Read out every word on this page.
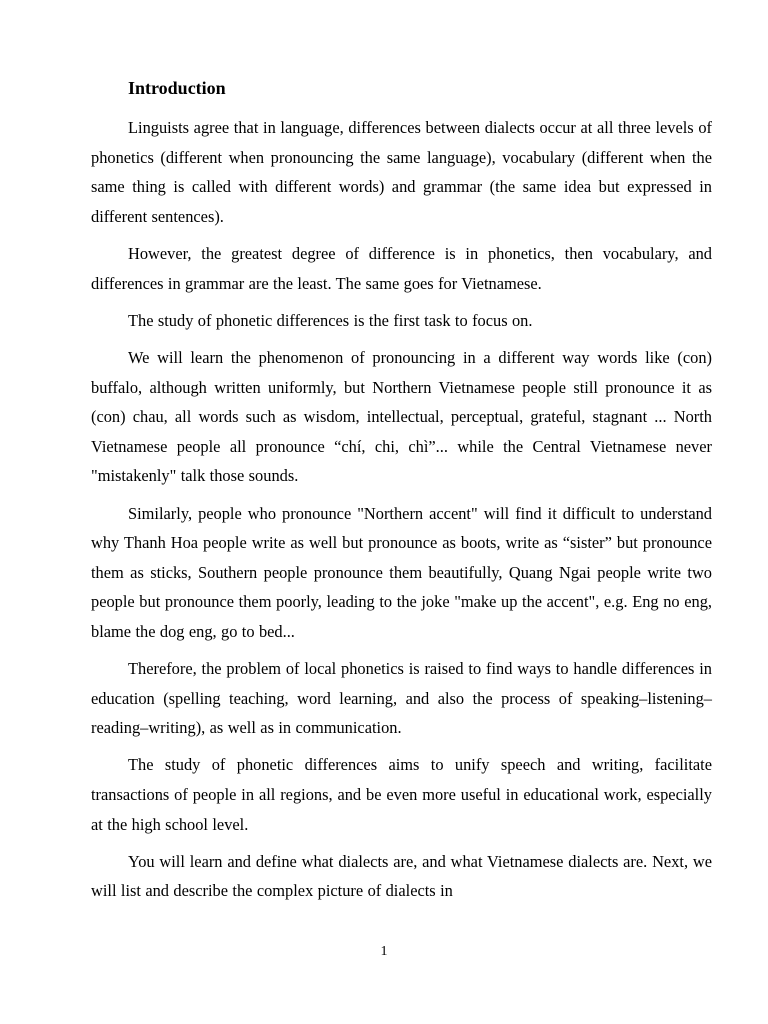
Introduction

Linguists agree that in language, differences between dialects occur at all three levels of phonetics (different when pronouncing the same language), vocabulary (different when the same thing is called with different words) and grammar (the same idea but expressed in different sentences).

However, the greatest degree of difference is in phonetics, then vocabulary, and differences in grammar are the least. The same goes for Vietnamese.

The study of phonetic differences is the first task to focus on.

We will learn the phenomenon of pronouncing in a different way words like (con) buffalo, although written uniformly, but Northern Vietnamese people still pronounce it as (con) chau, all words such as wisdom, intellectual, perceptual, grateful, stagnant ... North Vietnamese people all pronounce “chí, chi, chì”... while the Central Vietnamese never "mistakenly" talk those sounds.

Similarly, people who pronounce "Northern accent" will find it difficult to understand why Thanh Hoa people write as well but pronounce as boots, write as “sister” but pronounce them as sticks, Southern people pronounce them beautifully, Quang Ngai people write two people but pronounce them poorly, leading to the joke "make up the accent", e.g. Eng no eng, blame the dog eng, go to bed...

Therefore, the problem of local phonetics is raised to find ways to handle differences in education (spelling teaching, word learning, and also the process of speaking–listening–reading–writing), as well as in communication.

The study of phonetic differences aims to unify speech and writing, facilitate transactions of people in all regions, and be even more useful in educational work, especially at the high school level.

You will learn and define what dialects are, and what Vietnamese dialects are. Next, we will list and describe the complex picture of dialects in

1
